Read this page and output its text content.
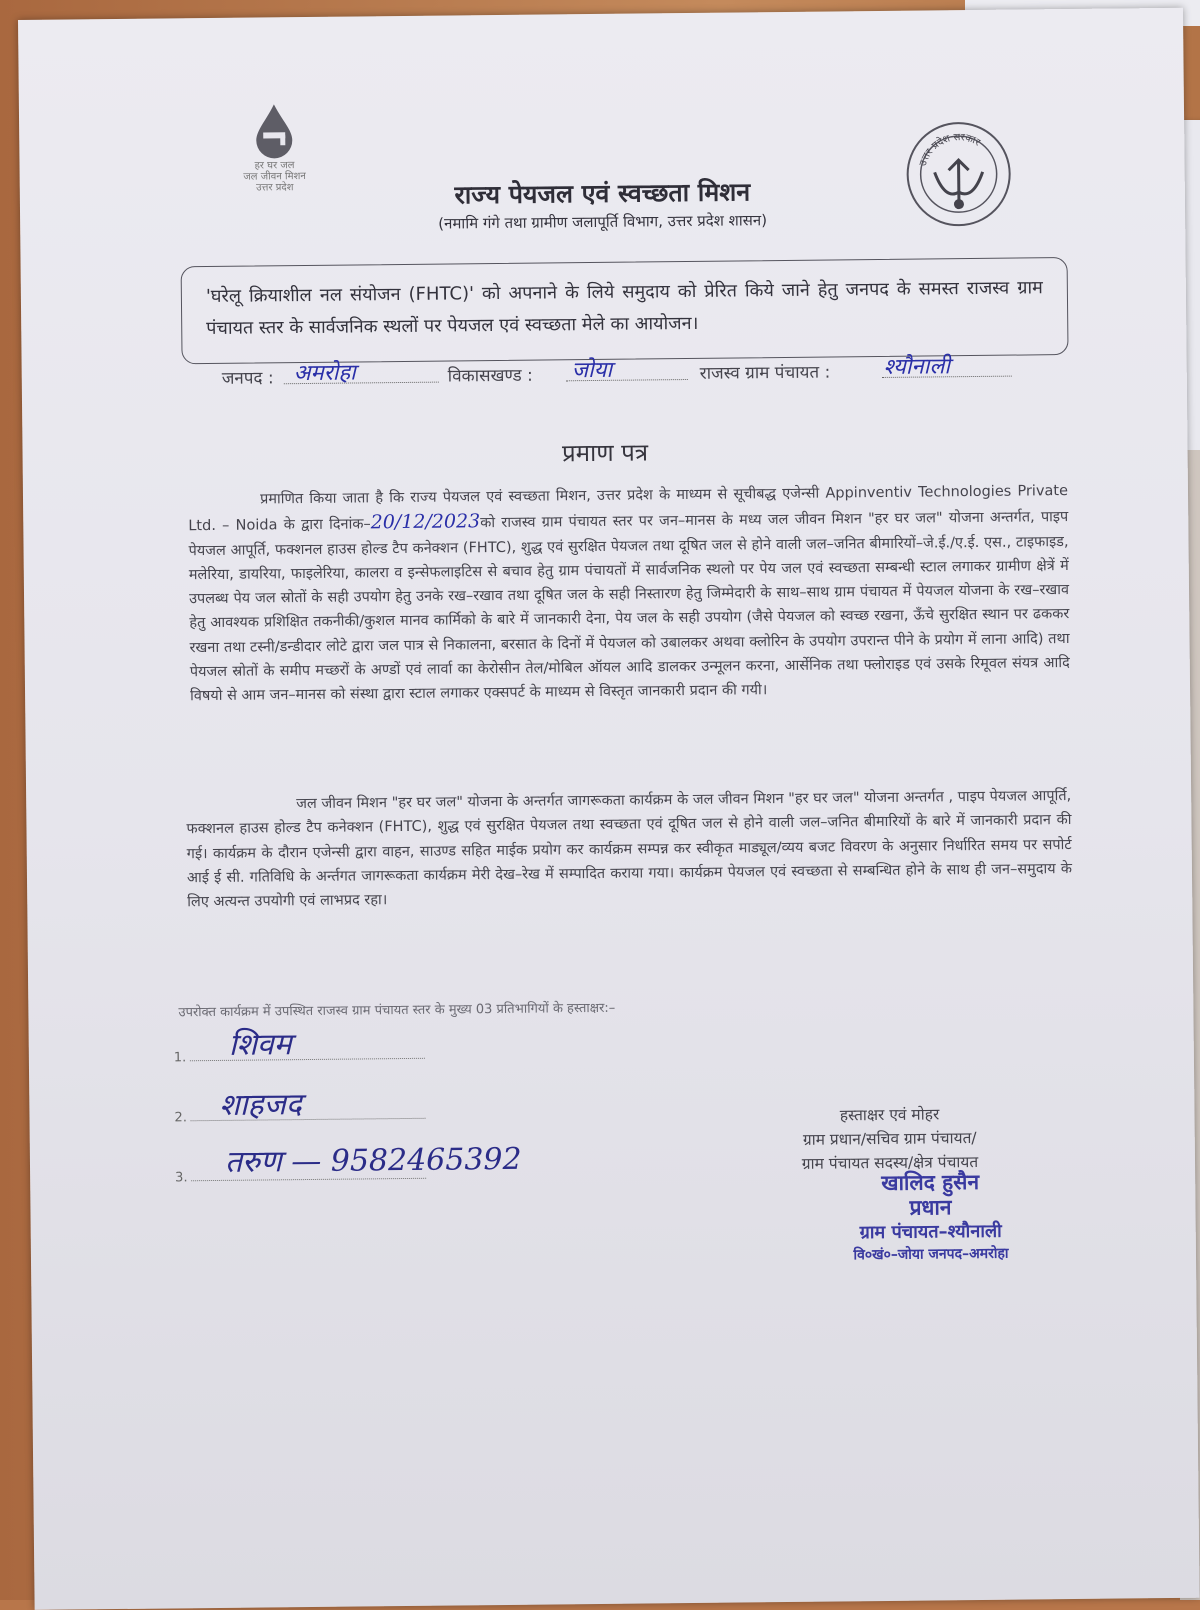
हर घर जल
जल जीवन मिशन
उत्तर प्रदेश
उत्तर प्रदेश सरकार
राज्य पेयजल एवं स्वच्छता मिशन
(नमामि गंगे तथा ग्रामीण जलापूर्ति विभाग, उत्तर प्रदेश शासन)

'घरेलू क्रियाशील नल संयोजन (FHTC)' को अपनाने के लिये समुदाय को प्रेरित किये जाने हेतु जनपद के समस्त राजस्व ग्राम पंचायत स्तर के सार्वजनिक स्थलों पर पेयजल एवं स्वच्छता मेले का आयोजन।

जनपद : अमरोहा	विकासखण्ड : जोया	राजस्व ग्राम पंचायत : श्यौनाली
प्रमाण पत्र
प्रमाणित किया जाता है कि राज्य पेयजल एवं स्वच्छता मिशन, उत्तर प्रदेश के माध्यम से सूचीबद्ध एजेन्सी Appinventiv Technologies Private Ltd. – Noida के द्वारा दिनांक–20/12/2023को राजस्व ग्राम पंचायत स्तर पर जन–मानस के मध्य जल जीवन मिशन "हर घर जल" योजना अन्तर्गत, पाइप पेयजल आपूर्ति, फक्शनल हाउस होल्ड टैप कनेक्शन (FHTC), शुद्ध एवं सुरक्षित पेयजल तथा दूषित जल से होने वाली जल–जनित बीमारियों–जे.ई./ए.ई. एस., टाइफाइड, मलेरिया, डायरिया, फाइलेरिया, कालरा व इन्सेफलाइटिस से बचाव हेतु ग्राम पंचायतों में सार्वजनिक स्थलो पर पेय जल एवं स्वच्छता सम्बन्धी स्टाल लगाकर ग्रामीण क्षेत्रें में उपलब्ध पेय जल स्रोतों के सही उपयोग हेतु उनके रख–रखाव तथा दूषित जल के सही निस्तारण हेतु जिम्मेदारी के साथ–साथ ग्राम पंचायत में पेयजल योजना के रख–रखाव हेतु आवश्यक प्रशिक्षित तकनीकी/कुशल मानव कार्मिको के बारे में जानकारी देना, पेय जल के सही उपयोग (जैसे पेयजल को स्वच्छ रखना, ऊँचे सुरक्षित स्थान पर ढककर रखना तथा टस्नी/डन्डीदार लोटे द्वारा जल पात्र से निकालना, बरसात के दिनों में पेयजल को उबालकर अथवा क्लोरिन के उपयोग उपरान्त पीने के प्रयोग में लाना आदि) तथा पेयजल स्रोतों के समीप मच्छरों के अण्डों एवं लार्वा का केरोसीन तेल/मोबिल ऑयल आदि डालकर उन्मूलन करना, आर्सेनिक तथा फ्लोराइड एवं उसके रिमूवल संयत्र आदि विषयो से आम जन–मानस को संस्था द्वारा स्टाल लगाकर एक्सपर्ट के माध्यम से विस्तृत जानकारी प्रदान की गयी।
जल जीवन मिशन "हर घर जल" योजना के अन्तर्गत जागरूकता कार्यक्रम के जल जीवन मिशन "हर घर जल" योजना अन्तर्गत , पाइप पेयजल आपूर्ति, फक्शनल हाउस होल्ड टैप कनेक्शन (FHTC), शुद्ध एवं सुरक्षित पेयजल तथा स्वच्छता एवं दूषित जल से होने वाली जल–जनित बीमारियों के बारे में जानकारी प्रदान की गई। कार्यक्रम के दौरान एजेन्सी द्वारा वाहन, साउण्ड सहित माईक प्रयोग कर कार्यक्रम सम्पन्न कर स्वीकृत माड्यूल/व्यय बजट विवरण के अनुसार निर्धारित समय पर सपोर्ट आई ई सी. गतिविधि के अर्न्तगत जागरूकता कार्यक्रम मेरी देख–रेख में सम्पादित कराया गया। कार्यक्रम पेयजल एवं स्वच्छता से सम्बन्धित होने के साथ ही जन–समुदाय के लिए अत्यन्त उपयोगी एवं लाभप्रद रहा।
उपरोक्त कार्यक्रम में उपस्थित राजस्व ग्राम पंचायत स्तर के मुख्य 03 प्रतिभागियों के हस्ताक्षर:–
1.	शिवम
2.	शाहजद
3.	तरुण — 9582465392
हस्ताक्षर एवं मोहर
ग्राम प्रधान/सचिव ग्राम पंचायत/
ग्राम पंचायत सदस्य/क्षेत्र पंचायत
खालिद हुसैन
प्रधान
ग्राम पंचायत–श्यौनाली
वि०खं०–जोया जनपद–अमरोहा
